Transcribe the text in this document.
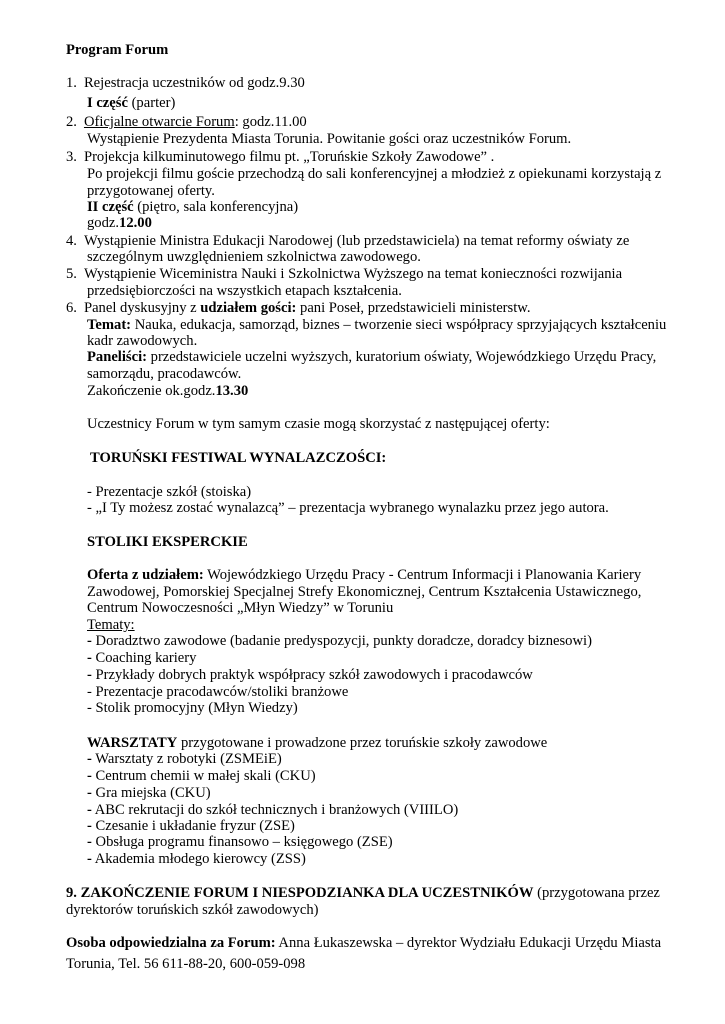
Program Forum
1. Rejestracja uczestników od godz.9.30
I część (parter)
2. Oficjalne otwarcie Forum: godz.11.00
Wystąpienie Prezydenta Miasta Torunia. Powitanie gości oraz uczestników Forum.
3. Projekcja kilkuminutowego filmu pt. „Toruńskie Szkoły Zawodowe” .
Po projekcji filmu goście przechodzą do sali konferencyjnej a młodzież z opiekunami korzystają z
przygotowanej oferty.
II część (piętro, sala konferencyjna)
godz.12.00
4. Wystąpienie Ministra Edukacji Narodowej (lub przedstawiciela) na temat reformy oświaty ze
szczególnym uwzględnieniem szkolnictwa zawodowego.
5. Wystąpienie Wiceministra Nauki i Szkolnictwa Wyższego na temat konieczności rozwijania
przedsiębiorczości na wszystkich etapach kształcenia.
6. Panel dyskusyjny z udziałem gości: pani Poseł, przedstawicieli ministerstw.
Temat: Nauka, edukacja, samorząd, biznes – tworzenie sieci współpracy sprzyjających kształceniu
kadr zawodowych.
Paneliści: przedstawiciele uczelni wyższych, kuratorium oświaty, Wojewódzkiego Urzędu Pracy,
samorządu, pracodawców.
Zakończenie ok.godz.13.30
Uczestnicy Forum w tym samym czasie mogą skorzystać z następującej oferty:
TORUŃSKI FESTIWAL WYNALAZCZOŚCI:
- Prezentacje szkół (stoiska)
- „I Ty możesz zostać wynalazcą” – prezentacja wybranego wynalazku przez jego autora.
STOLIKI EKSPERCKIE
Oferta z udziałem: Wojewódzkiego Urzędu Pracy - Centrum Informacji i Planowania Kariery
Zawodowej, Pomorskiej Specjalnej Strefy Ekonomicznej, Centrum Kształcenia Ustawicznego,
Centrum Nowoczesności „Młyn Wiedzy” w Toruniu
Tematy:
- Doradztwo zawodowe (badanie predyspozycji, punkty doradcze, doradcy biznesowi)
- Coaching kariery
- Przykłady dobrych praktyk współpracy szkół zawodowych i pracodawców
- Prezentacje pracodawców/stoliki branżowe
- Stolik promocyjny (Młyn Wiedzy)
WARSZTATY przygotowane i prowadzone przez toruńskie szkoły zawodowe
- Warsztaty z robotyki (ZSMEiE)
- Centrum chemii w małej skali (CKU)
- Gra miejska (CKU)
- ABC rekrutacji do szkół technicznych i branżowych (VIIILO)
- Czesanie i układanie fryzur (ZSE)
- Obsługa programu finansowo – księgowego (ZSE)
- Akademia młodego kierowcy (ZSS)
9. ZAKOŃCZENIE FORUM I NIESPODZIANKA DLA UCZESTNIKÓW (przygotowana przez
dyrektorów toruńskich szkół zawodowych)
Osoba odpowiedzialna za Forum: Anna Łukaszewska – dyrektor Wydziału Edukacji Urzędu Miasta
Torunia, Tel. 56 611-88-20, 600-059-098
